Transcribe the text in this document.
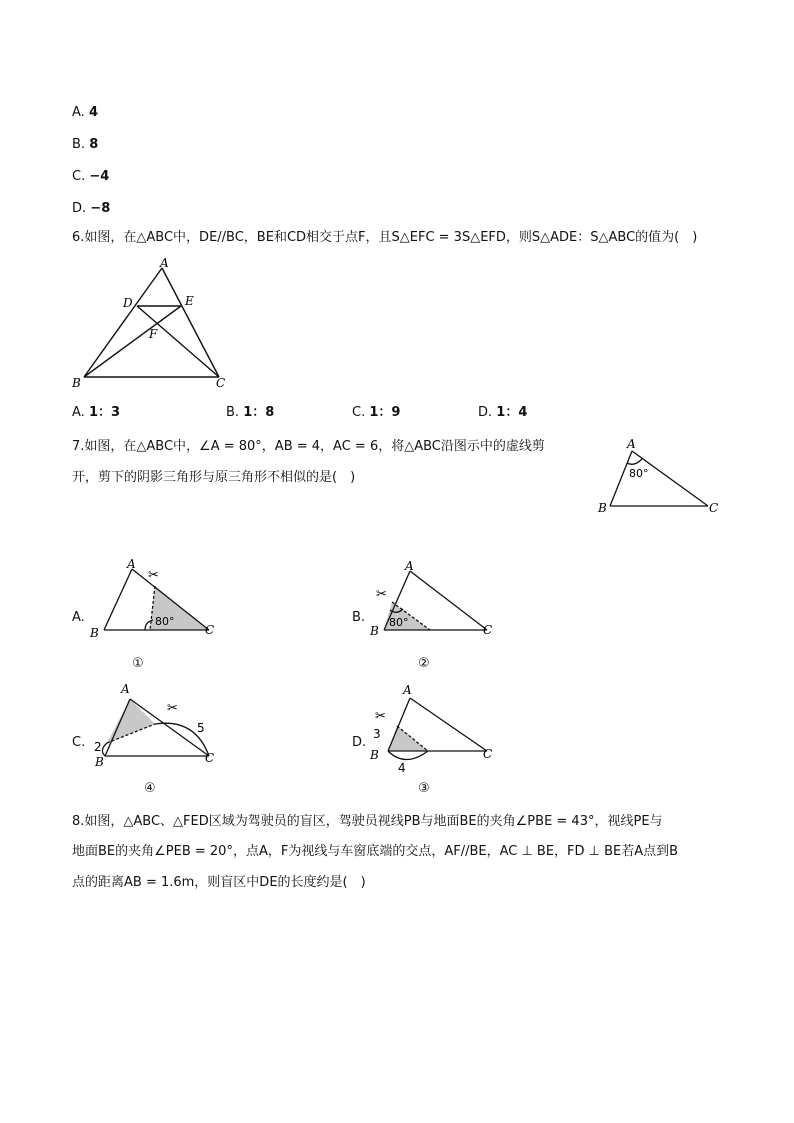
A. 4
B. 8
C. −4
D. −8
6.如图，在△ABC中，DE//BC，BE和CD相交于点F，且S△EFC = 3S△EFD，则S△ADE：S△ABC的值为(　)
A
D	E
F
B	C
A. 1：3	B. 1：8	C. 1：9	D. 1：4
7.如图，在△ABC中，∠A = 80°，AB = 4，AC = 6，将△ABC沿图示中的虚线剪
开，剪下的阴影三角形与原三角形不相似的是(　)
A
80°
B	C
A.
✂
A
80°
B	C
①
B.
✂
A
80°
B	C
②
C.
✂
A
2
5
B	C
④
D.
✂
A
3
4
B	C
③
8.如图，△ABC、△FED区域为驾驶员的盲区，驾驶员视线PB与地面BE的夹角∠PBE = 43°，视线PE与
地面BE的夹角∠PEB = 20°，点A，F为视线与车窗底端的交点，AF//BE，AC ⊥ BE，FD ⊥ BE若A点到B
点的距离AB = 1.6m，则盲区中DE的长度约是(　)
